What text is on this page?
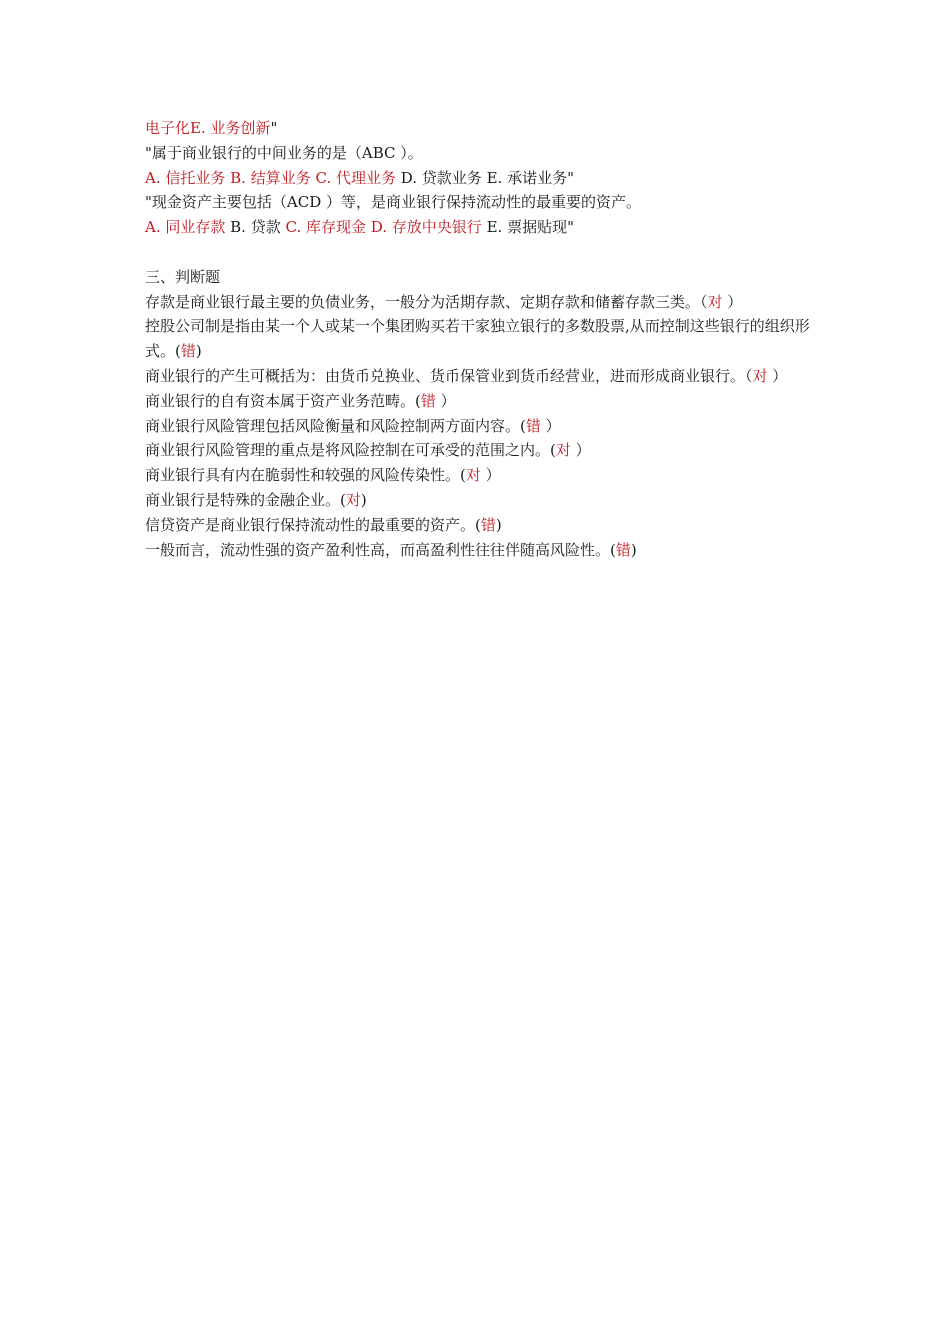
电子化E. 业务创新"

"属于商业银行的中间业务的是（ABC ）。

A. 信托业务 B. 结算业务 C. 代理业务 D. 贷款业务 E. 承诺业务"

"现金资产主要包括（ACD ）等，是商业银行保持流动性的最重要的资产。

A. 同业存款 B. 贷款 C. 库存现金 D. 存放中央银行 E. 票据贴现"

三、判断题

存款是商业银行最主要的负债业务，一般分为活期存款、定期存款和储蓄存款三类。（对 ）

控股公司制是指由某一个人或某一个集团购买若干家独立银行的多数股票,从而控制这些银行的组织形式。(错)

商业银行的产生可概括为：由货币兑换业、货币保管业到货币经营业，进而形成商业银行。（对 ）

商业银行的自有资本属于资产业务范畴。(错 ）

商业银行风险管理包括风险衡量和风险控制两方面内容。(错 ）

商业银行风险管理的重点是将风险控制在可承受的范围之内。(对 ）

商业银行具有内在脆弱性和较强的风险传染性。(对 ）

商业银行是特殊的金融企业。(对)

信贷资产是商业银行保持流动性的最重要的资产。(错)

一般而言，流动性强的资产盈利性高，而高盈利性往往伴随高风险性。(错)
